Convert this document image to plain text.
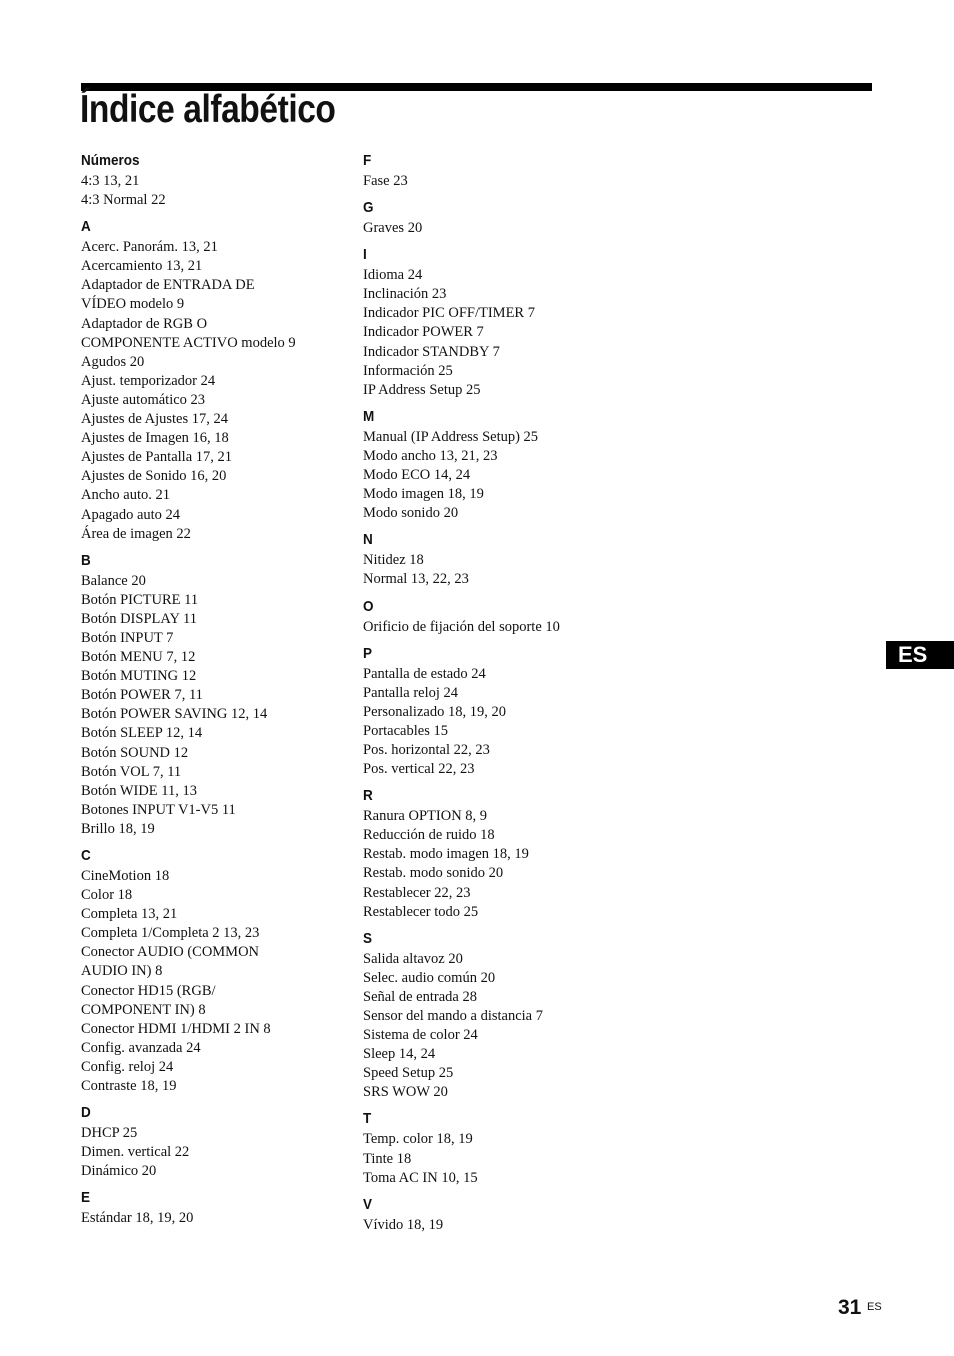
Índice alfabético
Números
4:3 13, 21
4:3 Normal 22
A
Acerc. Panorám. 13, 21
Acercamiento 13, 21
Adaptador de ENTRADA DE
VÍDEO modelo 9
Adaptador de RGB O
COMPONENTE ACTIVO modelo 9
Agudos 20
Ajust. temporizador 24
Ajuste automático 23
Ajustes de Ajustes 17, 24
Ajustes de Imagen 16, 18
Ajustes de Pantalla 17, 21
Ajustes de Sonido 16, 20
Ancho auto. 21
Apagado auto 24
Área de imagen 22
B
Balance 20
Botón PICTURE 11
Botón DISPLAY 11
Botón INPUT 7
Botón MENU 7, 12
Botón MUTING 12
Botón POWER 7, 11
Botón POWER SAVING 12, 14
Botón SLEEP 12, 14
Botón SOUND 12
Botón VOL 7, 11
Botón WIDE 11, 13
Botones INPUT V1-V5 11
Brillo 18, 19
C
CineMotion 18
Color 18
Completa 13, 21
Completa 1/Completa 2 13, 23
Conector AUDIO (COMMON
AUDIO IN) 8
Conector HD15 (RGB/
COMPONENT IN) 8
Conector HDMI 1/HDMI 2 IN 8
Config. avanzada 24
Config. reloj 24
Contraste 18, 19
D
DHCP 25
Dimen. vertical 22
Dinámico 20
E
Estándar 18, 19, 20
F
Fase 23
G
Graves 20
I
Idioma 24
Inclinación 23
Indicador PIC OFF/TIMER 7
Indicador POWER 7
Indicador STANDBY 7
Información 25
IP Address Setup 25
M
Manual (IP Address Setup) 25
Modo ancho 13, 21, 23
Modo ECO 14, 24
Modo imagen 18, 19
Modo sonido 20
N
Nitidez 18
Normal 13, 22, 23
O
Orificio de fijación del soporte 10
P
Pantalla de estado 24
Pantalla reloj 24
Personalizado 18, 19, 20
Portacables 15
Pos. horizontal 22, 23
Pos. vertical 22, 23
R
Ranura OPTION 8, 9
Reducción de ruido 18
Restab. modo imagen 18, 19
Restab. modo sonido 20
Restablecer 22, 23
Restablecer todo 25
S
Salida altavoz 20
Selec. audio común 20
Señal de entrada 28
Sensor del mando a distancia 7
Sistema de color 24
Sleep 14, 24
Speed Setup 25
SRS WOW 20
T
Temp. color 18, 19
Tinte 18
Toma AC IN 10, 15
V
Vívido 18, 19
ES
31 ES
